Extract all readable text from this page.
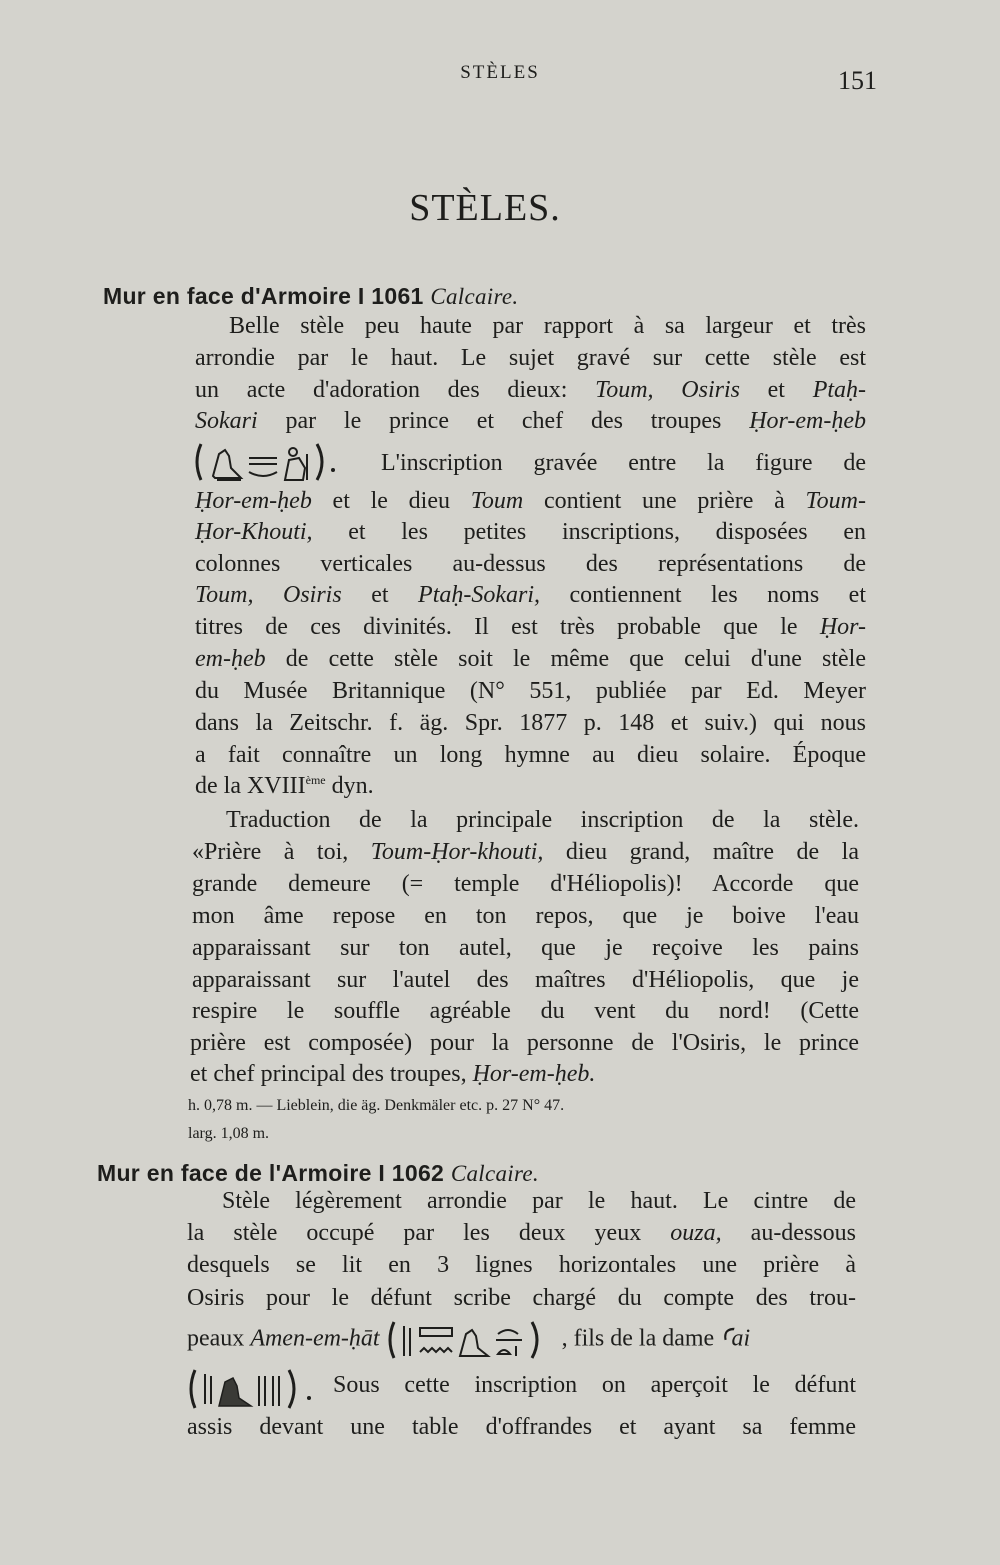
STÈLES	151
STÈLES.
Mur en face d'Armoire I 1061 Calcaire.
Belle stèle peu haute par rapport à sa largeur et très
arrondie par le haut. Le sujet gravé sur cette stèle est
un acte d'adoration des dieux: Toum, Osiris et Ptaḥ-
Sokari par le prince et chef des troupes Ḥor-em-ḥeb
L'inscription gravée entre la figure de
Ḥor-em-ḥeb et le dieu Toum contient une prière à Toum-
Ḥor-Khouti, et les petites inscriptions, disposées en
colonnes verticales au-dessus des représentations de
Toum, Osiris et Ptaḥ-Sokari, contiennent les noms et
titres de ces divinités. Il est très probable que le Ḥor-
em-ḥeb de cette stèle soit le même que celui d'une stèle
du Musée Britannique (N° 551, publiée par Ed. Meyer
dans la Zeitschr. f. äg. Spr. 1877 p. 148 et suiv.) qui nous
a fait connaître un long hymne au dieu solaire. Époque
de la XVIIIème dyn.
Traduction de la principale inscription de la stèle.
«Prière à toi, Toum-Ḥor-khouti, dieu grand, maître de la
grande demeure (= temple d'Héliopolis)! Accorde que
mon âme repose en ton repos, que je boive l'eau
apparaissant sur ton autel, que je reçoive les pains
apparaissant sur l'autel des maîtres d'Héliopolis, que je
respire le souffle agréable du vent du nord! (Cette
prière est composée) pour la personne de l'Osiris, le prince
et chef principal des troupes, Ḥor-em-ḥeb.
h. 0,78 m. — Lieblein, die äg. Denkmäler etc. p. 27 N° 47.
larg. 1,08 m.
Mur en face de l'Armoire I 1062 Calcaire.
Stèle légèrement arrondie par le haut. Le cintre de
la stèle occupé par les deux yeux ouza, au-dessous
desquels se lit en 3 lignes horizontales une prière à
Osiris pour le défunt scribe chargé du compte des trou-
peaux Amen-em-ḥāt	, fils de la dame Ꜥai
Sous cette inscription on aperçoit le défunt
assis devant une table d'offrandes et ayant sa femme
